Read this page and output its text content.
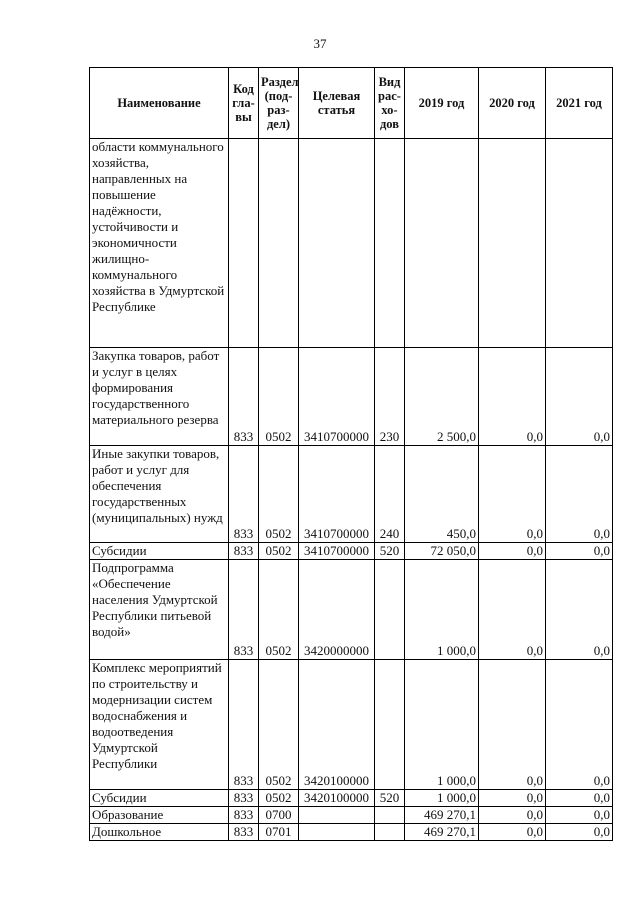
37
Наименование	Код гла- вы	Раздел (под- раз- дел)	Целевая статья	Вид рас- хо- дов	2019 год	2020 год	2021 год
области коммунального хозяйства, направленных на повышение надёжности, устойчивости и экономичности жилищно-коммунального хозяйства в Удмуртской Республике							
Закупка товаров, работ и услуг в целях формирования государственного материального резерва	833	0502	3410700000	230	2 500,0	0,0	0,0
Иные закупки товаров, работ и услуг для обеспечения государственных (муниципальных) нужд	833	0502	3410700000	240	450,0	0,0	0,0
Субсидии	833	0502	3410700000	520	72 050,0	0,0	0,0
Подпрограмма «Обеспечение населения Удмуртской Республики питьевой водой»	833	0502	3420000000		1 000,0	0,0	0,0
Комплекс мероприятий по строительству и модернизации систем водоснабжения и водоотведения Удмуртской Республики	833	0502	3420100000		1 000,0	0,0	0,0
Субсидии	833	0502	3420100000	520	1 000,0	0,0	0,0
Образование	833	0700			469 270,1	0,0	0,0
Дошкольное	833	0701			469 270,1	0,0	0,0
